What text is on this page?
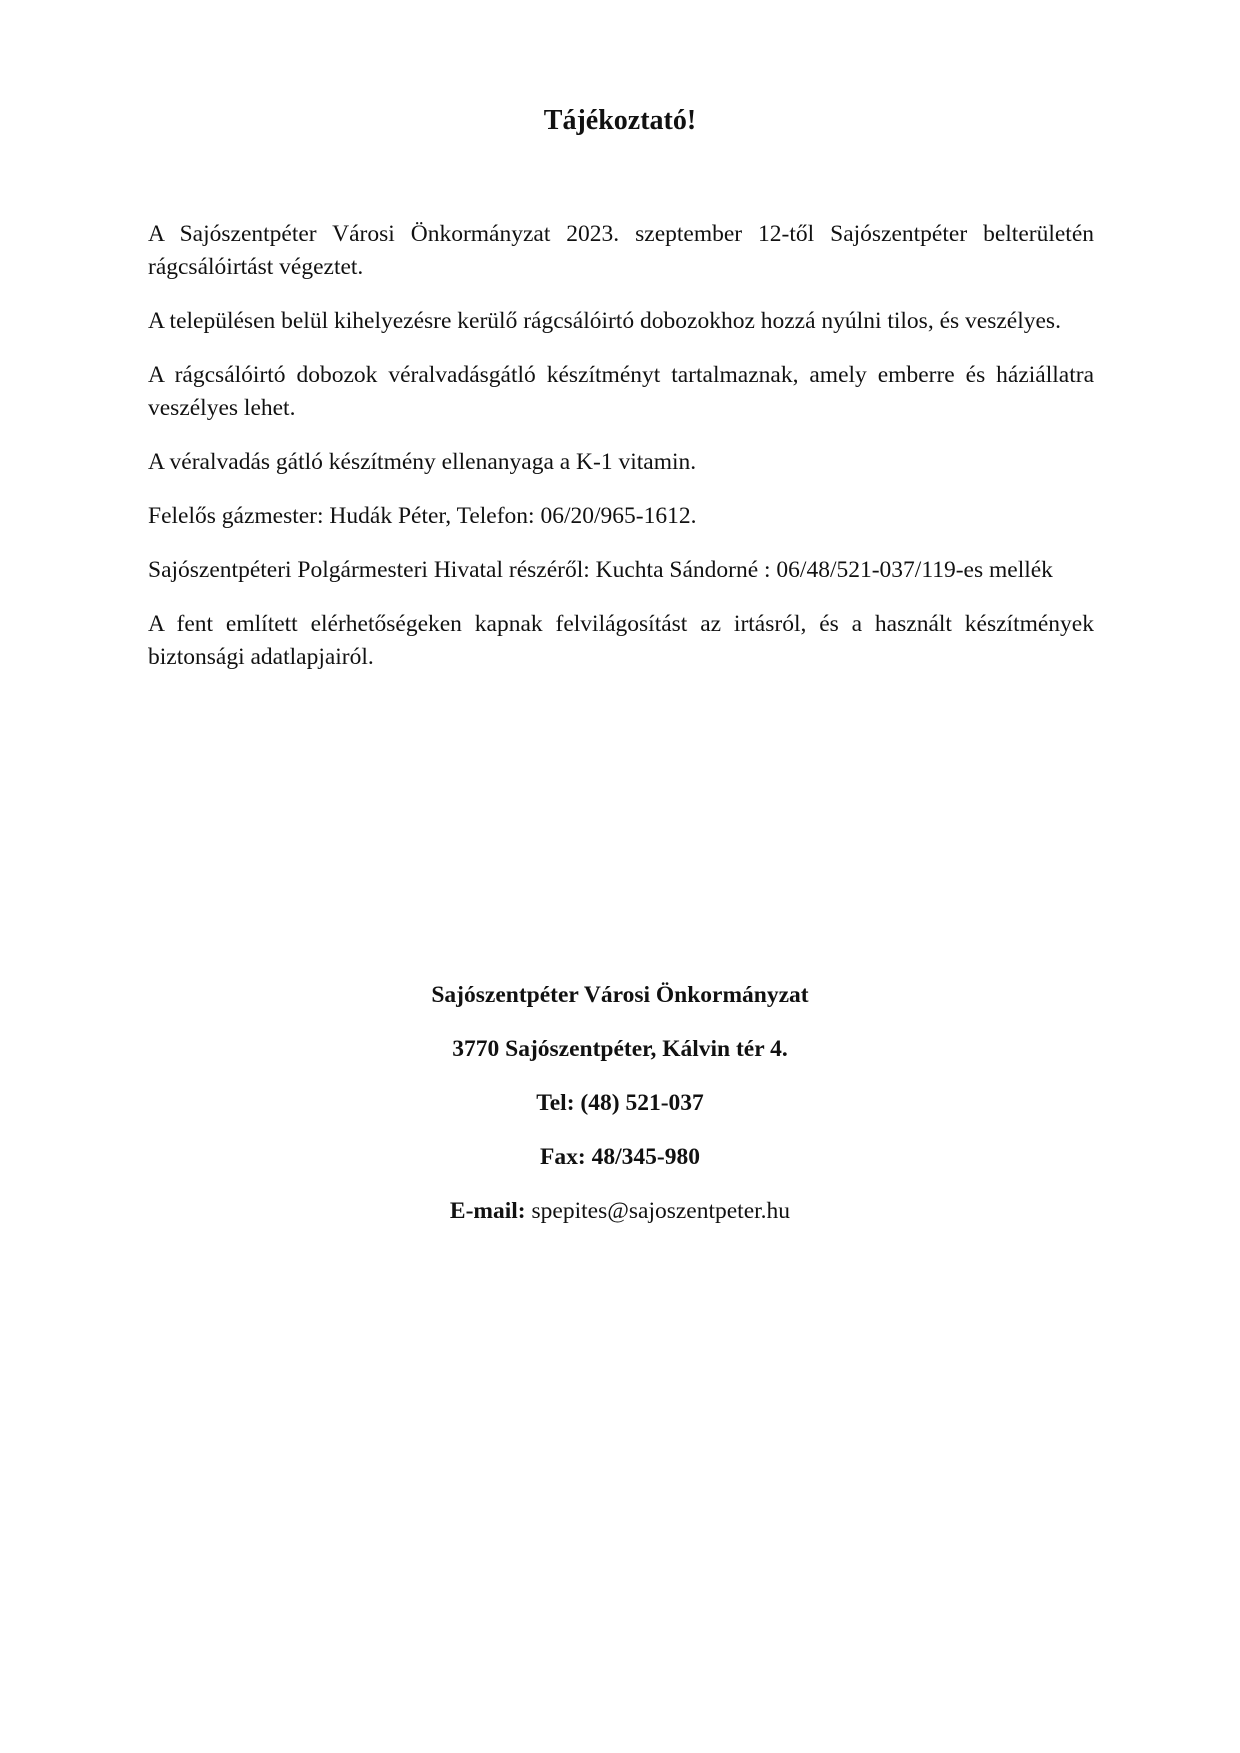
Tájékoztató!

A Sajószentpéter Városi Önkormányzat 2023. szeptember 12-től Sajószentpéter belterületén rágcsálóirtást végeztet.

A településen belül kihelyezésre kerülő rágcsálóirtó dobozokhoz hozzá nyúlni tilos, és veszélyes.

A rágcsálóirtó dobozok véralvadásgátló készítményt tartalmaznak, amely emberre és háziállatra veszélyes lehet.

A véralvadás gátló készítmény ellenanyaga a K-1 vitamin.

Felelős gázmester: Hudák Péter, Telefon: 06/20/965-1612.

Sajószentpéteri Polgármesteri Hivatal részéről: Kuchta Sándorné : 06/48/521-037/119-es mellék

A fent említett elérhetőségeken kapnak felvilágosítást az irtásról, és a használt készítmények biztonsági adatlapjairól.

Sajószentpéter Városi Önkormányzat

3770 Sajószentpéter, Kálvin tér 4.

Tel: (48) 521-037

Fax: 48/345-980

E-mail: spepites@sajoszentpeter.hu
